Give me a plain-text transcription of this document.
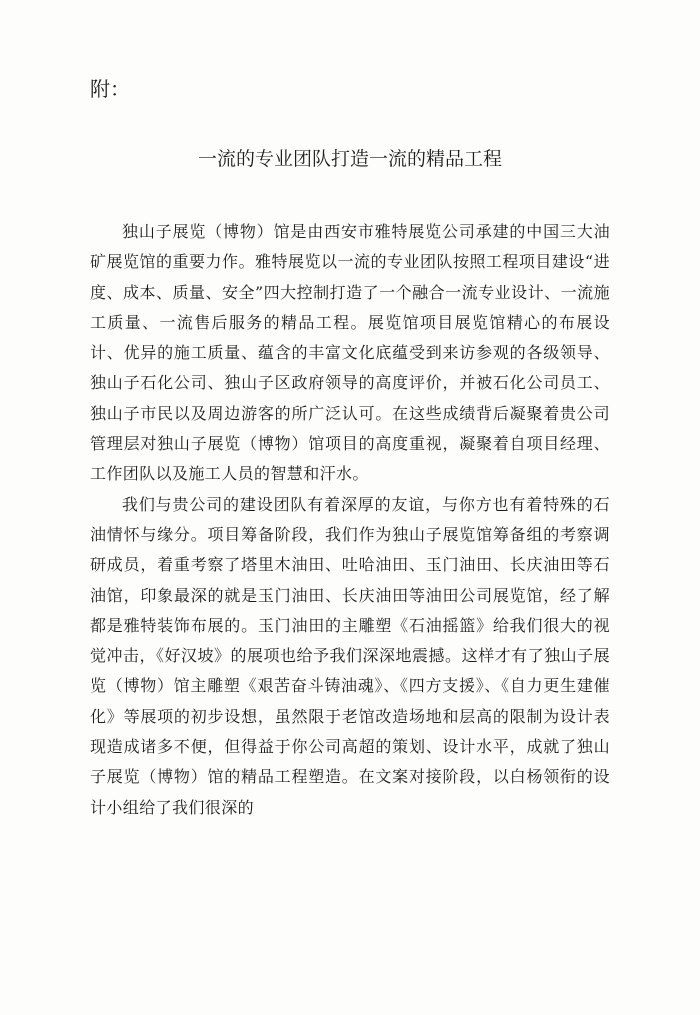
附：
一流的专业团队打造一流的精品工程

独山子展览（博物）馆是由西安市雅特展览公司承建的中国三大油矿展览馆的重要力作。雅特展览以一流的专业团队按照工程项目建设“进度、成本、质量、安全”四大控制打造了一个融合一流专业设计、一流施工质量、一流售后服务的精品工程。展览馆项目展览馆精心的布展设计、优异的施工质量、蕴含的丰富文化底蕴受到来访参观的各级领导、独山子石化公司、独山子区政府领导的高度评价，并被石化公司员工、独山子市民以及周边游客的所广泛认可。在这些成绩背后凝聚着贵公司管理层对独山子展览（博物）馆项目的高度重视，凝聚着自项目经理、工作团队以及施工人员的智慧和汗水。

我们与贵公司的建设团队有着深厚的友谊，与你方也有着特殊的石油情怀与缘分。项目筹备阶段，我们作为独山子展览馆筹备组的考察调研成员，着重考察了塔里木油田、吐哈油田、玉门油田、长庆油田等石油馆，印象最深的就是玉门油田、长庆油田等油田公司展览馆，经了解都是雅特装饰布展的。玉门油田的主雕塑《石油摇篮》给我们很大的视觉冲击，《好汉坡》的展项也给予我们深深地震撼。这样才有了独山子展览（博物）馆主雕塑《艰苦奋斗铸油魂》、《四方支援》、《自力更生建催化》等展项的初步设想，虽然限于老馆改造场地和层高的限制为设计表现造成诸多不便，但得益于你公司高超的策划、设计水平，成就了独山子展览（博物）馆的精品工程塑造。在文案对接阶段，以白杨领衔的设计小组给了我们很深的
